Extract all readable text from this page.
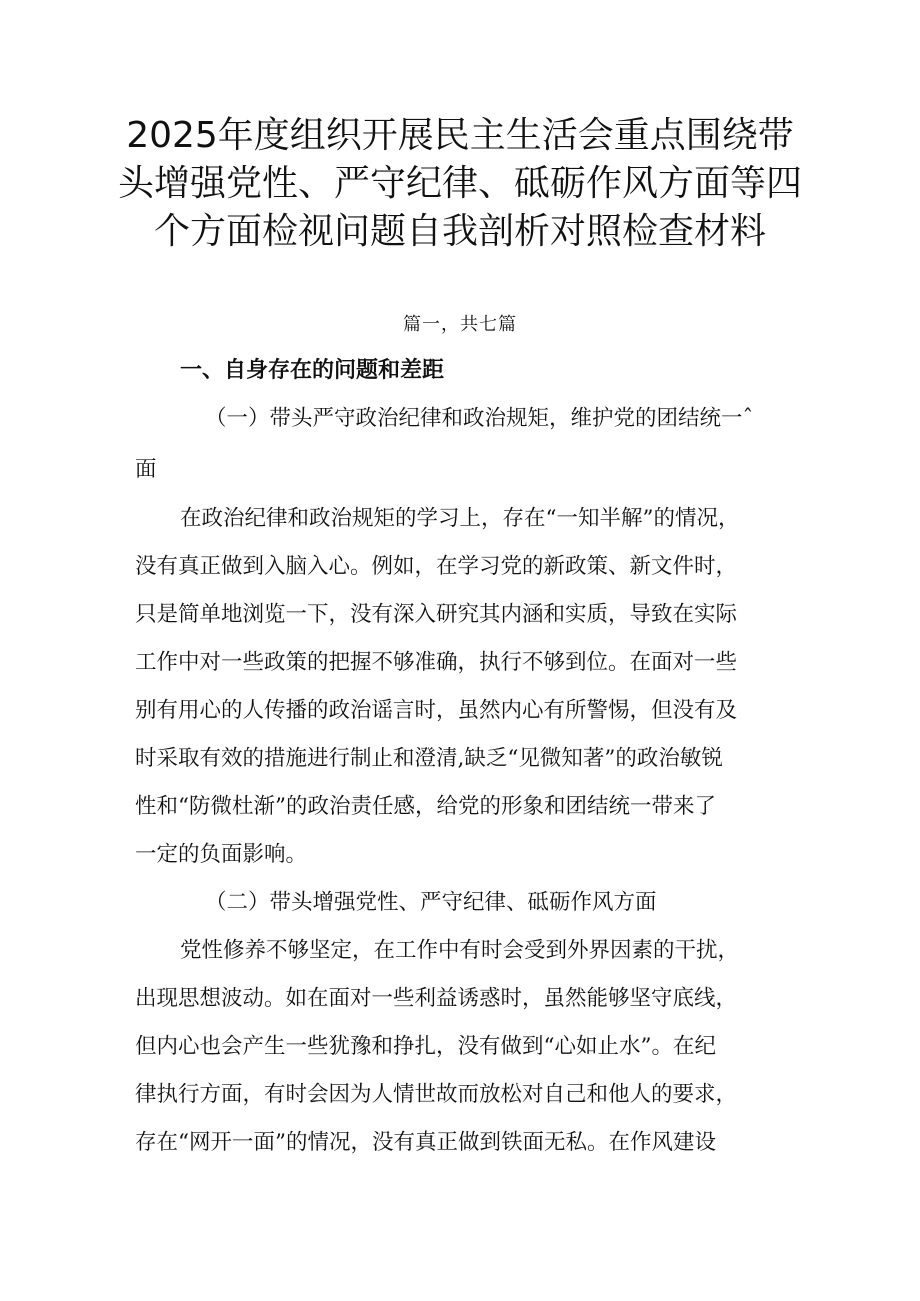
2025年度组织开展民主生活会重点围绕带
头增强党性、严守纪律、砥砺作风方面等四
个方面检视问题自我剖析对照检查材料
篇一，共七篇
一、自身存在的问题和差距
（一）带头严守政治纪律和政治规矩，维护党的团结统一ˆ
面
在政治纪律和政治规矩的学习上，存在“一知半解”的情况，
没有真正做到入脑入心。例如，在学习党的新政策、新文件时，
只是简单地浏览一下，没有深入研究其内涵和实质，导致在实际
工作中对一些政策的把握不够准确，执行不够到位。在面对一些
别有用心的人传播的政治谣言时，虽然内心有所警惕，但没有及
时采取有效的措施进行制止和澄清,缺乏“见微知著”的政治敏锐
性和“防微杜渐”的政治责任感，给党的形象和团结统一带来了
一定的负面影响。
（二）带头增强党性、严守纪律、砥砺作风方面
党性修养不够坚定，在工作中有时会受到外界因素的干扰，
出现思想波动。如在面对一些利益诱惑时，虽然能够坚守底线，
但内心也会产生一些犹豫和挣扎，没有做到“心如止水”。在纪
律执行方面，有时会因为人情世故而放松对自己和他人的要求，
存在“网开一面”的情况，没有真正做到铁面无私。在作风建设
